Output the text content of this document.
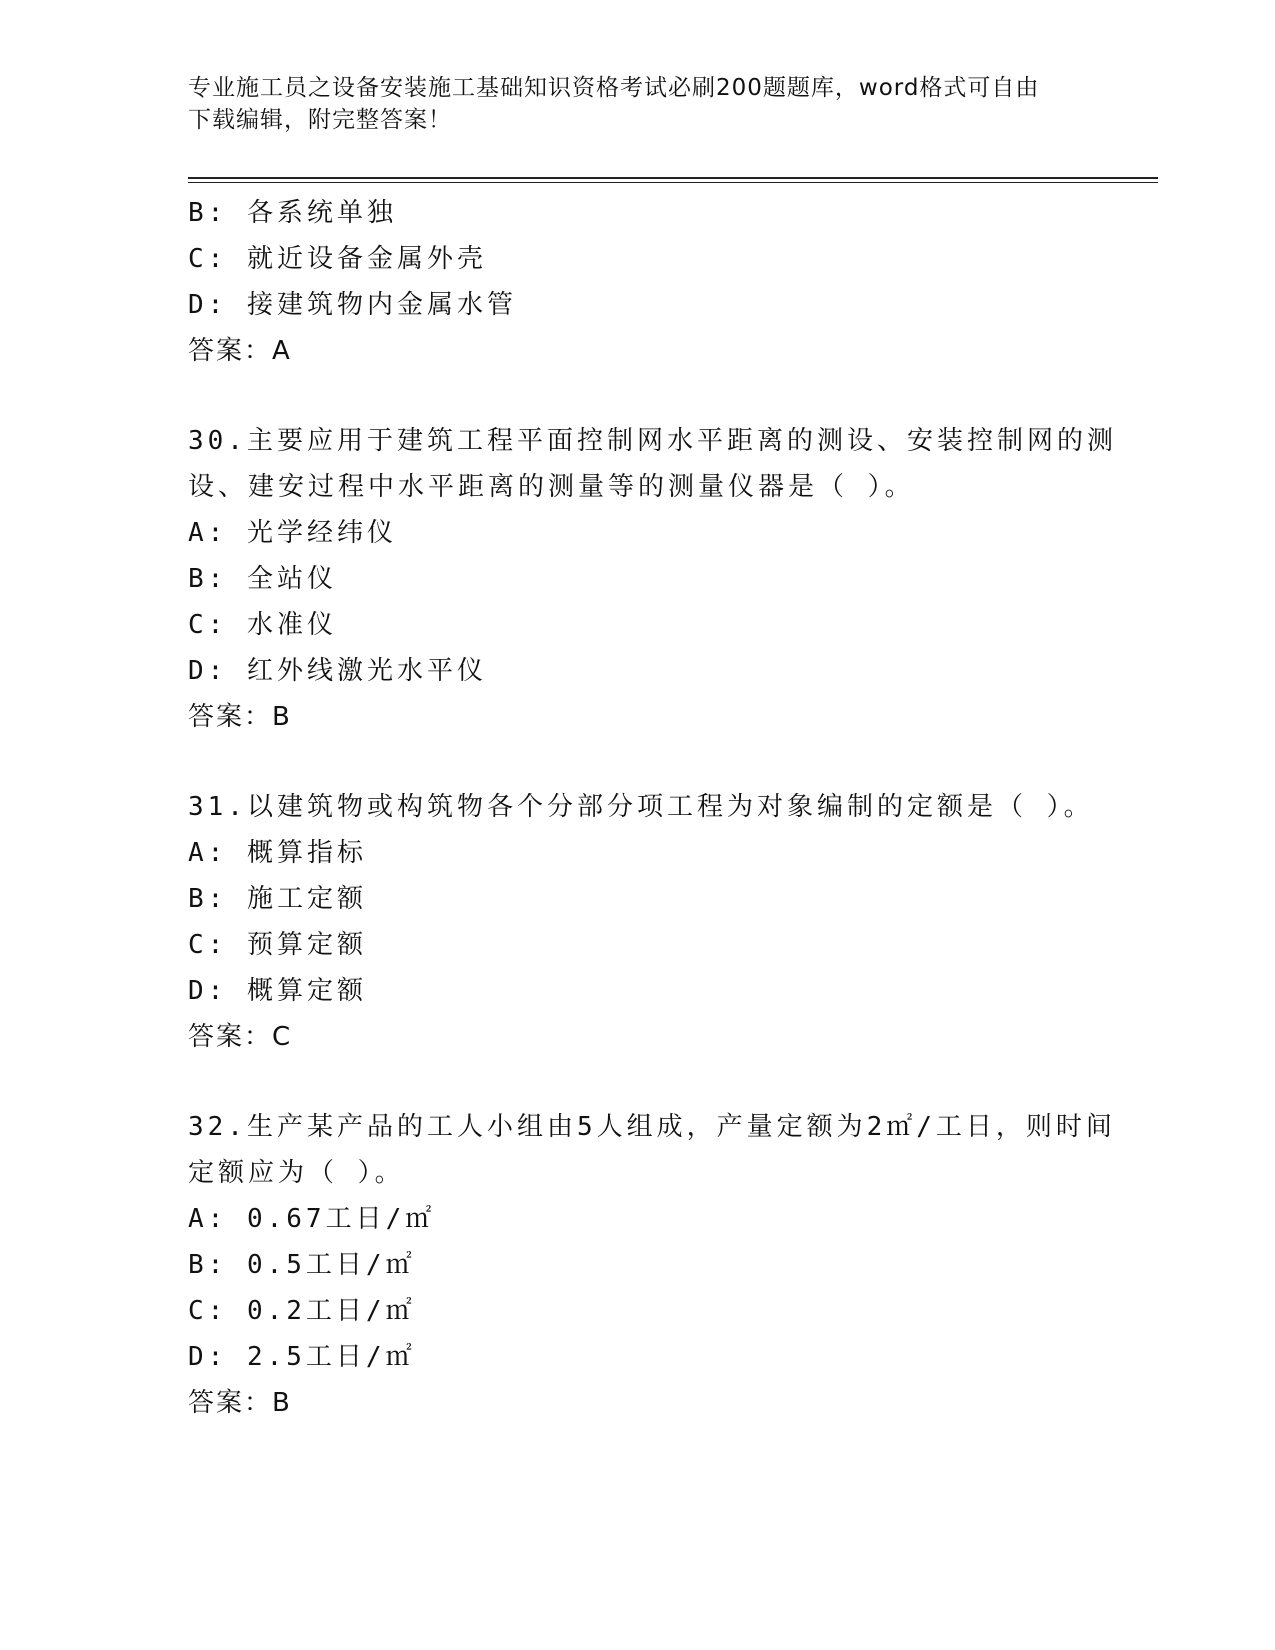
专业施工员之设备安装施工基础知识资格考试必刷200题题库，word格式可自由
下载编辑，附完整答案！
B: 各系统单独
C: 就近设备金属外壳
D: 接建筑物内金属水管
答案：A
30.主要应用于建筑工程平面控制网水平距离的测设、安装控制网的测
设、建安过程中水平距离的测量等的测量仪器是（ ）。
A: 光学经纬仪
B: 全站仪
C: 水准仪
D: 红外线激光水平仪
答案：B
31.以建筑物或构筑物各个分部分项工程为对象编制的定额是（ ）。
A: 概算指标
B: 施工定额
C: 预算定额
D: 概算定额
答案：C
32.生产某产品的工人小组由5人组成，产量定额为2㎡/工日，则时间
定额应为（ ）。
A: 0.67工日/㎡
B: 0.5工日/㎡
C: 0.2工日/㎡
D: 2.5工日/㎡
答案：B
